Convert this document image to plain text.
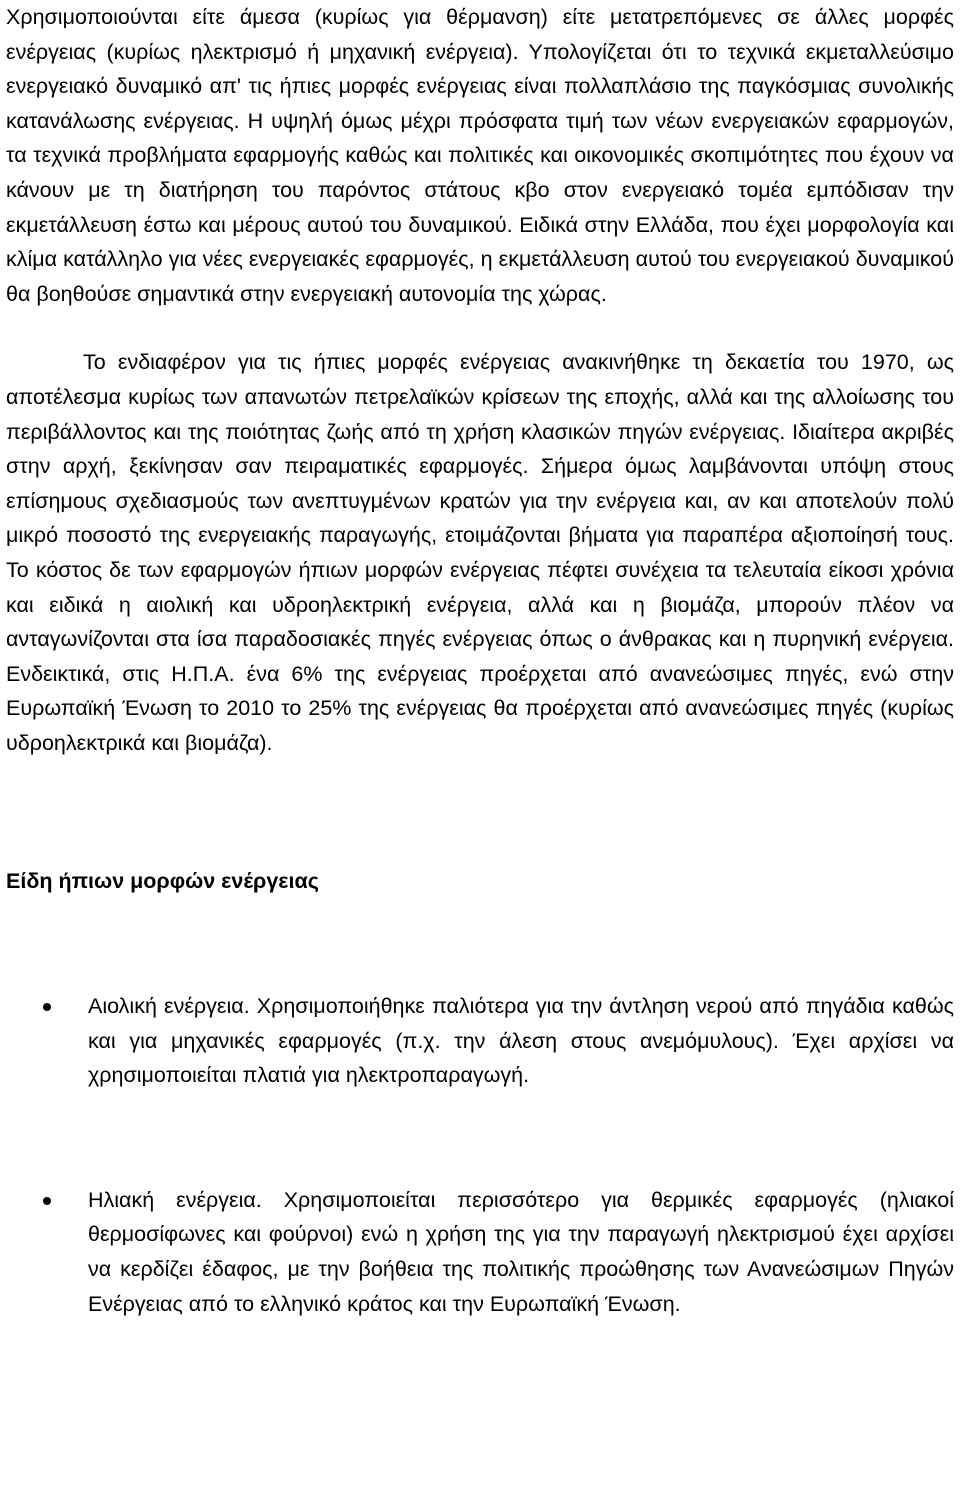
Χρησιμοποιούνται είτε άμεσα (κυρίως για θέρμανση) είτε μετατρεπόμενες σε άλλες μορφές ενέργειας (κυρίως ηλεκτρισμό ή μηχανική ενέργεια). Υπολογίζεται ότι το τεχνικά εκμεταλλεύσιμο ενεργειακό δυναμικό απ' τις ήπιες μορφές ενέργειας είναι πολλαπλάσιο της παγκόσμιας συνολικής κατανάλωσης ενέργειας. Η υψηλή όμως μέχρι πρόσφατα τιμή των νέων ενεργειακών εφαρμογών, τα τεχνικά προβλήματα εφαρμογής καθώς και πολιτικές και οικονομικές σκοπιμότητες που έχουν να κάνουν με τη διατήρηση του παρόντος στάτους κβο στον ενεργειακό τομέα εμπόδισαν την εκμετάλλευση έστω και μέρους αυτού του δυναμικού. Ειδικά στην Ελλάδα, που έχει μορφολογία και κλίμα κατάλληλο για νέες ενεργειακές εφαρμογές, η εκμετάλλευση αυτού του ενεργειακού δυναμικού θα βοηθούσε σημαντικά στην ενεργειακή αυτονομία της χώρας.

Το ενδιαφέρον για τις ήπιες μορφές ενέργειας ανακινήθηκε τη δεκαετία του 1970, ως αποτέλεσμα κυρίως των απανωτών πετρελαϊκών κρίσεων της εποχής, αλλά και της αλλοίωσης του περιβάλλοντος και της ποιότητας ζωής από τη χρήση κλασικών πηγών ενέργειας. Ιδιαίτερα ακριβές στην αρχή, ξεκίνησαν σαν πειραματικές εφαρμογές. Σήμερα όμως λαμβάνονται υπόψη στους επίσημους σχεδιασμούς των ανεπτυγμένων κρατών για την ενέργεια και, αν και αποτελούν πολύ μικρό ποσοστό της ενεργειακής παραγωγής, ετοιμάζονται βήματα για παραπέρα αξιοποίησή τους. Το κόστος δε των εφαρμογών ήπιων μορφών ενέργειας πέφτει συνέχεια τα τελευταία είκοσι χρόνια και ειδικά η αιολική και υδροηλεκτρική ενέργεια, αλλά και η βιομάζα, μπορούν πλέον να ανταγωνίζονται στα ίσα παραδοσιακές πηγές ενέργειας όπως ο άνθρακας και η πυρηνική ενέργεια. Ενδεικτικά, στις Η.Π.Α. ένα 6% της ενέργειας προέρχεται από ανανεώσιμες πηγές, ενώ στην Ευρωπαϊκή Ένωση το 2010 το 25% της ενέργειας θα προέρχεται από ανανεώσιμες πηγές (κυρίως υδροηλεκτρικά και βιομάζα).

Είδη ήπιων μορφών ενέργειας

Αιολική ενέργεια. Χρησιμοποιήθηκε παλιότερα για την άντληση νερού από πηγάδια καθώς και για μηχανικές εφαρμογές (π.χ. την άλεση στους ανεμόμυλους). Έχει αρχίσει να χρησιμοποιείται πλατιά για ηλεκτροπαραγωγή.
Ηλιακή ενέργεια. Χρησιμοποιείται περισσότερο για θερμικές εφαρμογές (ηλιακοί θερμοσίφωνες και φούρνοι) ενώ η χρήση της για την παραγωγή ηλεκτρισμού έχει αρχίσει να κερδίζει έδαφος, με την βοήθεια της πολιτικής προώθησης των Ανανεώσιμων Πηγών Ενέργειας από το ελληνικό κράτος και την Ευρωπαϊκή Ένωση.
